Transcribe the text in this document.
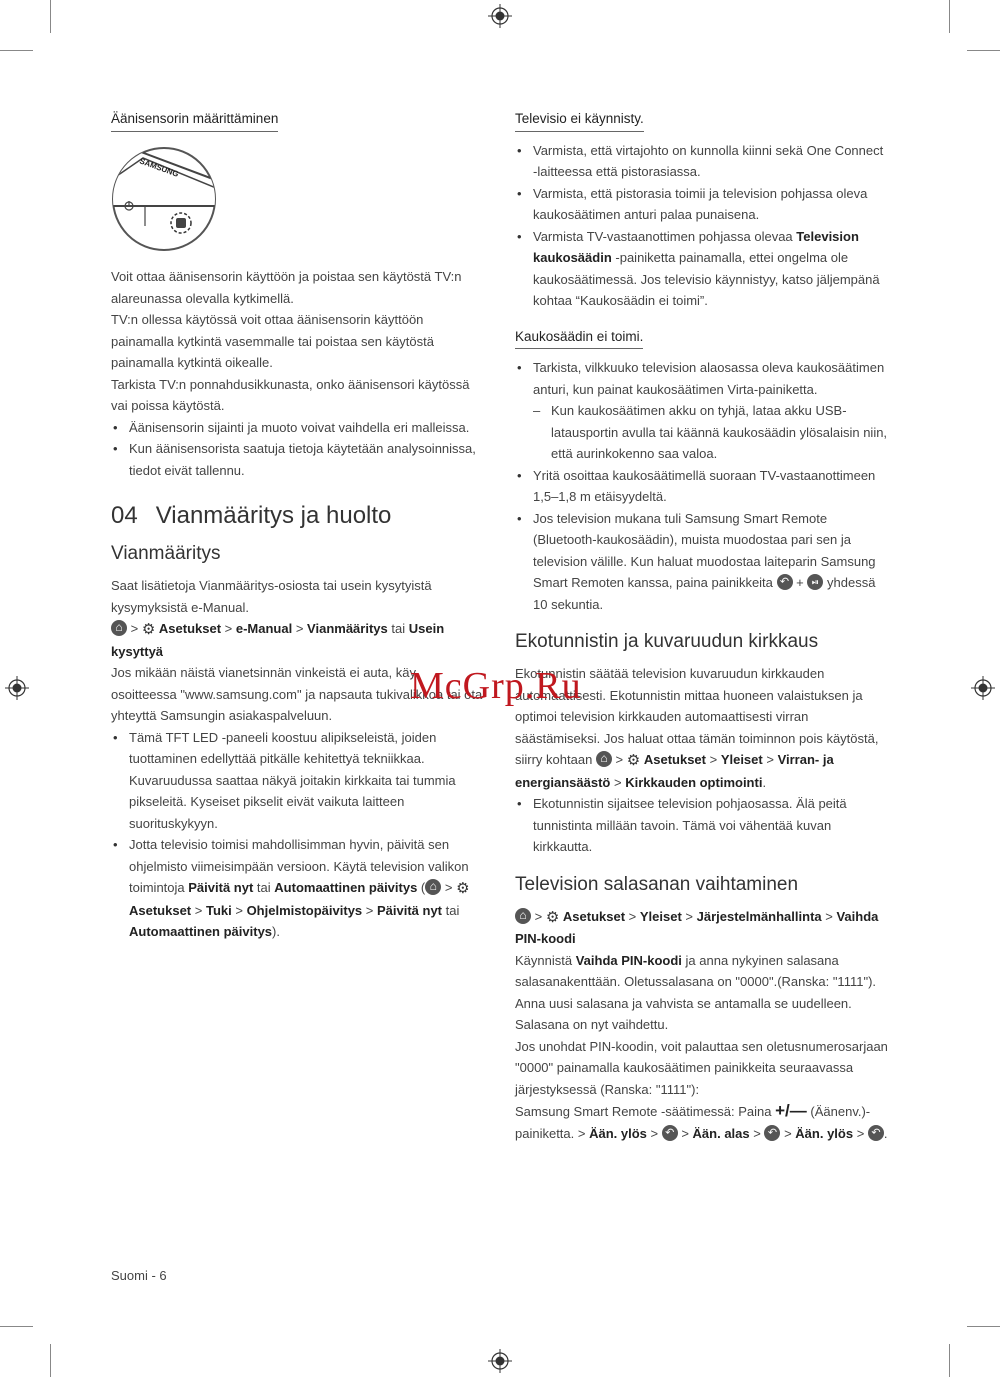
Äänisensorin määrittäminen
SAMSUNG

Voit ottaa äänisensorin käyttöön ja poistaa sen käytöstä TV:n alareunassa olevalla kytkimellä.

TV:n ollessa käytössä voit ottaa äänisensorin käyttöön painamalla kytkintä vasemmalle tai poistaa sen käytöstä painamalla kytkintä oikealle.

Tarkista TV:n ponnahdusikkunasta, onko äänisensori käytössä vai poissa käytöstä.

• Äänisensorin sijainti ja muoto voivat vaihdella eri malleissa.
• Kun äänisensorista saatuja tietoja käytetään analysoinnissa, tiedot eivät tallennu.
04 Vianmääritys ja huolto
Vianmääritys

Saat lisätietoja Vianmääritys-osiosta tai usein kysytyistä kysymyksistä e-Manual.

⌂ > ⚙ Asetukset > e-Manual > Vianmääritys tai Usein kysyttyä

Jos mikään näistä vianetsinnän vinkeistä ei auta, käy osoitteessa "www.samsung.com" ja napsauta tukivalikkoa tai ota yhteyttä Samsungin asiakaspalveluun.

• Tämä TFT LED -paneeli koostuu alipikseleistä, joiden tuottaminen edellyttää pitkälle kehitettyä tekniikkaa. Kuvaruudussa saattaa näkyä joitakin kirkkaita tai tummia pikseleitä. Kyseiset pikselit eivät vaikuta laitteen suorituskykyyn.
• Jotta televisio toimisi mahdollisimman hyvin, päivitä sen ohjelmisto viimeisimpään versioon. Käytä television valikon toimintoja Päivitä nyt tai Automaattinen päivitys (⌂ > ⚙ Asetukset > Tuki > Ohjelmistopäivitys > Päivitä nyt tai Automaattinen päivitys).
Televisio ei käynnisty.
• Varmista, että virtajohto on kunnolla kiinni sekä One Connect -laitteessa että pistorasiassa.
• Varmista, että pistorasia toimii ja television pohjassa oleva kaukosäätimen anturi palaa punaisena.
• Varmista TV-vastaanottimen pohjassa olevaa Television kaukosäädin -painiketta painamalla, ettei ongelma ole kaukosäätimessä. Jos televisio käynnistyy, katso jäljempänä kohtaa “Kaukosäädin ei toimi”.
Kaukosäädin ei toimi.
• Tarkista, vilkkuuko television alaosassa oleva kaukosäätimen anturi, kun painat kaukosäätimen Virta-painiketta.
– Kun kaukosäätimen akku on tyhjä, lataa akku USB-latausportin avulla tai käännä kaukosäädin ylösalaisin niin, että aurinkokenno saa valoa.
• Yritä osoittaa kaukosäätimellä suoraan TV-vastaanottimeen 1,5–1,8 m etäisyydeltä.
• Jos television mukana tuli Samsung Smart Remote (Bluetooth-kaukosäädin), muista muodostaa pari sen ja television välille. Kun haluat muodostaa laiteparin Samsung Smart Remoten kanssa, paina painikkeita ↶ + ⏯ yhdessä 10 sekuntia.
Ekotunnistin ja kuvaruudun kirkkaus

Ekotunnistin säätää television kuvaruudun kirkkauden automaattisesti. Ekotunnistin mittaa huoneen valaistuksen ja optimoi television kirkkauden automaattisesti virran säästämiseksi. Jos haluat ottaa tämän toiminnon pois käytöstä, siirry kohtaan ⌂ > ⚙ Asetukset > Yleiset > Virran- ja energiansäästö > Kirkkauden optimointi.

• Ekotunnistin sijaitsee television pohjaosassa. Älä peitä tunnistinta millään tavoin. Tämä voi vähentää kuvan kirkkautta.
Television salasanan vaihtaminen

⌂ > ⚙ Asetukset > Yleiset > Järjestelmänhallinta > Vaihda PIN-koodi

Käynnistä Vaihda PIN-koodi ja anna nykyinen salasana salasanakenttään. Oletussalasana on "0000".(Ranska: "1111").

Anna uusi salasana ja vahvista se antamalla se uudelleen. Salasana on nyt vaihdettu.

Jos unohdat PIN-koodin, voit palauttaa sen oletusnumerosarjaan "0000" painamalla kaukosäätimen painikkeita seuraavassa järjestyksessä (Ranska: "1111"):

Samsung Smart Remote -säätimessä: Paina +/— (Äänenv.)-painiketta. > Ään. ylös > ↶ > Ään. alas > ↶ > Ään. ylös > ↶.

McGrp.Ru
Suomi - 6
